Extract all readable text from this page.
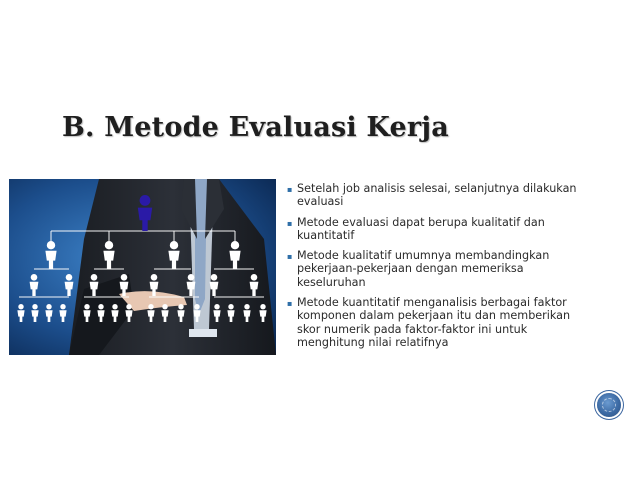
B. Metode Evaluasi Kerja
▪ Setelah job analisis selesai, selanjutnya dilakukan evaluasi
▪ Metode evaluasi dapat berupa kualitatif dan kuantitatif
▪ Metode kualitatif umumnya membandingkan pekerjaan-pekerjaan dengan memeriksa keseluruhan
▪ Metode kuantitatif menganalisis berbagai faktor komponen dalam pekerjaan itu dan memberikan skor numerik pada faktor-faktor ini untuk menghitung nilai relatifnya
